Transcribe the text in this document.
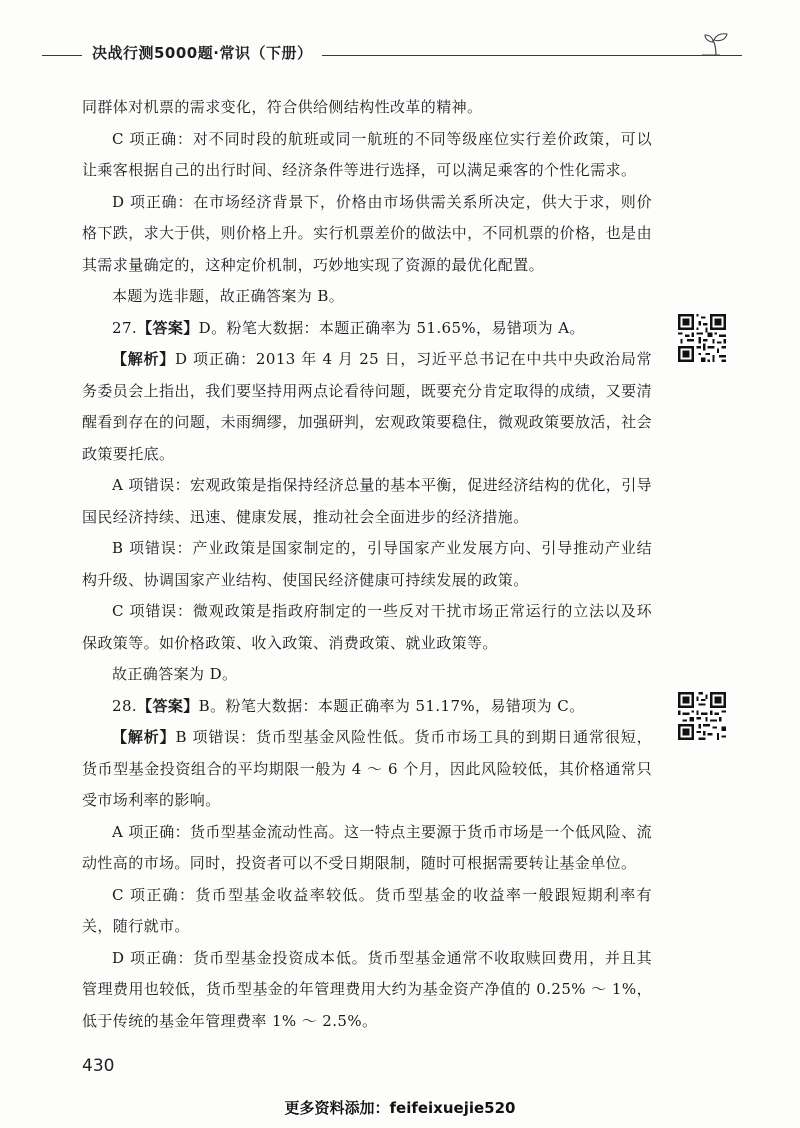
决战行测5000题·常识（下册）

同群体对机票的需求变化，符合供给侧结构性改革的精神。

C 项正确：对不同时段的航班或同一航班的不同等级座位实行差价政策，可以让乘客根据自己的出行时间、经济条件等进行选择，可以满足乘客的个性化需求。

D 项正确：在市场经济背景下，价格由市场供需关系所决定，供大于求，则价格下跌，求大于供，则价格上升。实行机票差价的做法中，不同机票的价格，也是由其需求量确定的，这种定价机制，巧妙地实现了资源的最优化配置。

本题为选非题，故正确答案为 B。

27.【答案】D。粉笔大数据：本题正确率为 51.65%，易错项为 A。

【解析】D 项正确：2013 年 4 月 25 日，习近平总书记在中共中央政治局常务委员会上指出，我们要坚持用两点论看待问题，既要充分肯定取得的成绩，又要清醒看到存在的问题，未雨绸缪，加强研判，宏观政策要稳住，微观政策要放活，社会政策要托底。

A 项错误：宏观政策是指保持经济总量的基本平衡，促进经济结构的优化，引导国民经济持续、迅速、健康发展，推动社会全面进步的经济措施。

B 项错误：产业政策是国家制定的，引导国家产业发展方向、引导推动产业结构升级、协调国家产业结构、使国民经济健康可持续发展的政策。

C 项错误：微观政策是指政府制定的一些反对干扰市场正常运行的立法以及环保政策等。如价格政策、收入政策、消费政策、就业政策等。

故正确答案为 D。

28.【答案】B。粉笔大数据：本题正确率为 51.17%，易错项为 C。

【解析】B 项错误：货币型基金风险性低。货币市场工具的到期日通常很短，货币型基金投资组合的平均期限一般为 4 ～ 6 个月，因此风险较低，其价格通常只受市场利率的影响。

A 项正确：货币型基金流动性高。这一特点主要源于货币市场是一个低风险、流动性高的市场。同时，投资者可以不受日期限制，随时可根据需要转让基金单位。

C 项正确：货币型基金收益率较低。货币型基金的收益率一般跟短期利率有关，随行就市。

D 项正确：货币型基金投资成本低。货币型基金通常不收取赎回费用，并且其管理费用也较低，货币型基金的年管理费用大约为基金资产净值的 0.25% ～ 1%，低于传统的基金年管理费率 1% ～ 2.5%。

430
更多资料添加：feifeixuejie520
